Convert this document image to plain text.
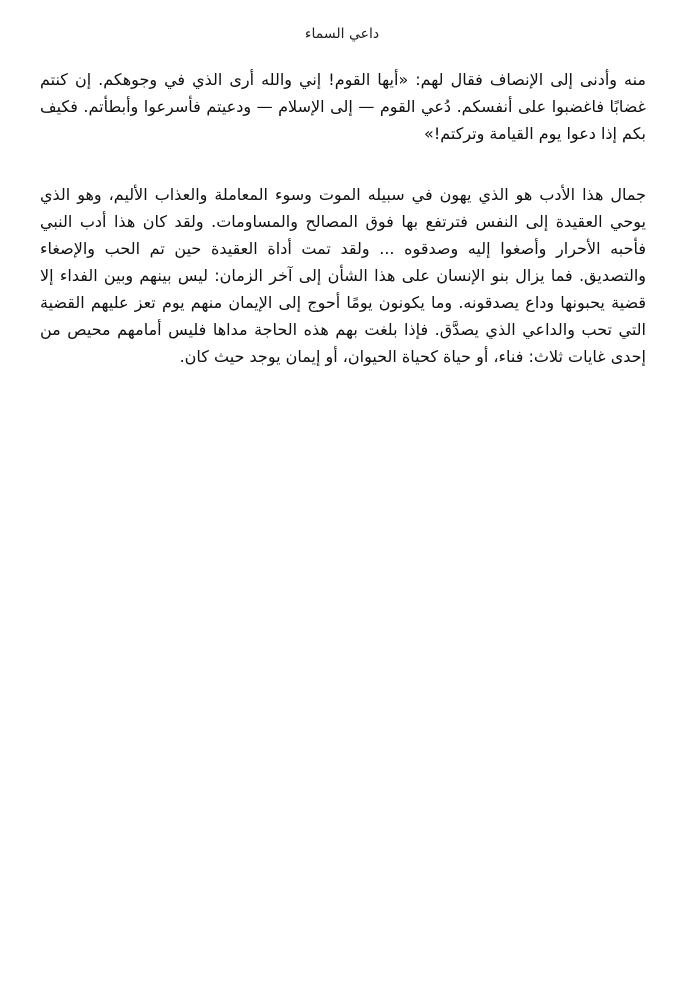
داعي السماء

منه وأدنى إلى الإنصاف فقال لهم: «أيها القوم! إني والله أرى الذي في وجوهكم. إن كنتم غضابًا فاغضبوا على أنفسكم. دُعي القوم — إلى الإسلام — ودعيتم فأسرعوا وأبطأتم. فكيف بكم إذا دعوا يوم القيامة وتركتم!»

جمال هذا الأدب هو الذي يهون في سبيله الموت وسوء المعاملة والعذاب الأليم، وهو الذي يوحي العقيدة إلى النفس فترتفع بها فوق المصالح والمساومات. ولقد كان هذا أدب النبي فأحبه الأحرار وأصغوا إليه وصدقوه ... ولقد تمت أداة العقيدة حين تم الحب والإصغاء والتصديق. فما يزال بنو الإنسان على هذا الشأن إلى آخر الزمان: ليس بينهم وبين الفداء إلا قضية يحبونها وداع يصدقونه. وما يكونون يومًا أحوج إلى الإيمان منهم يوم تعز عليهم القضية التي تحب والداعي الذي يصدَّق. فإذا بلغت بهم هذه الحاجة مداها فليس أمامهم محيص من إحدى غايات ثلاث: فناء، أو حياة كحياة الحيوان، أو إيمان يوجد حيث كان.
